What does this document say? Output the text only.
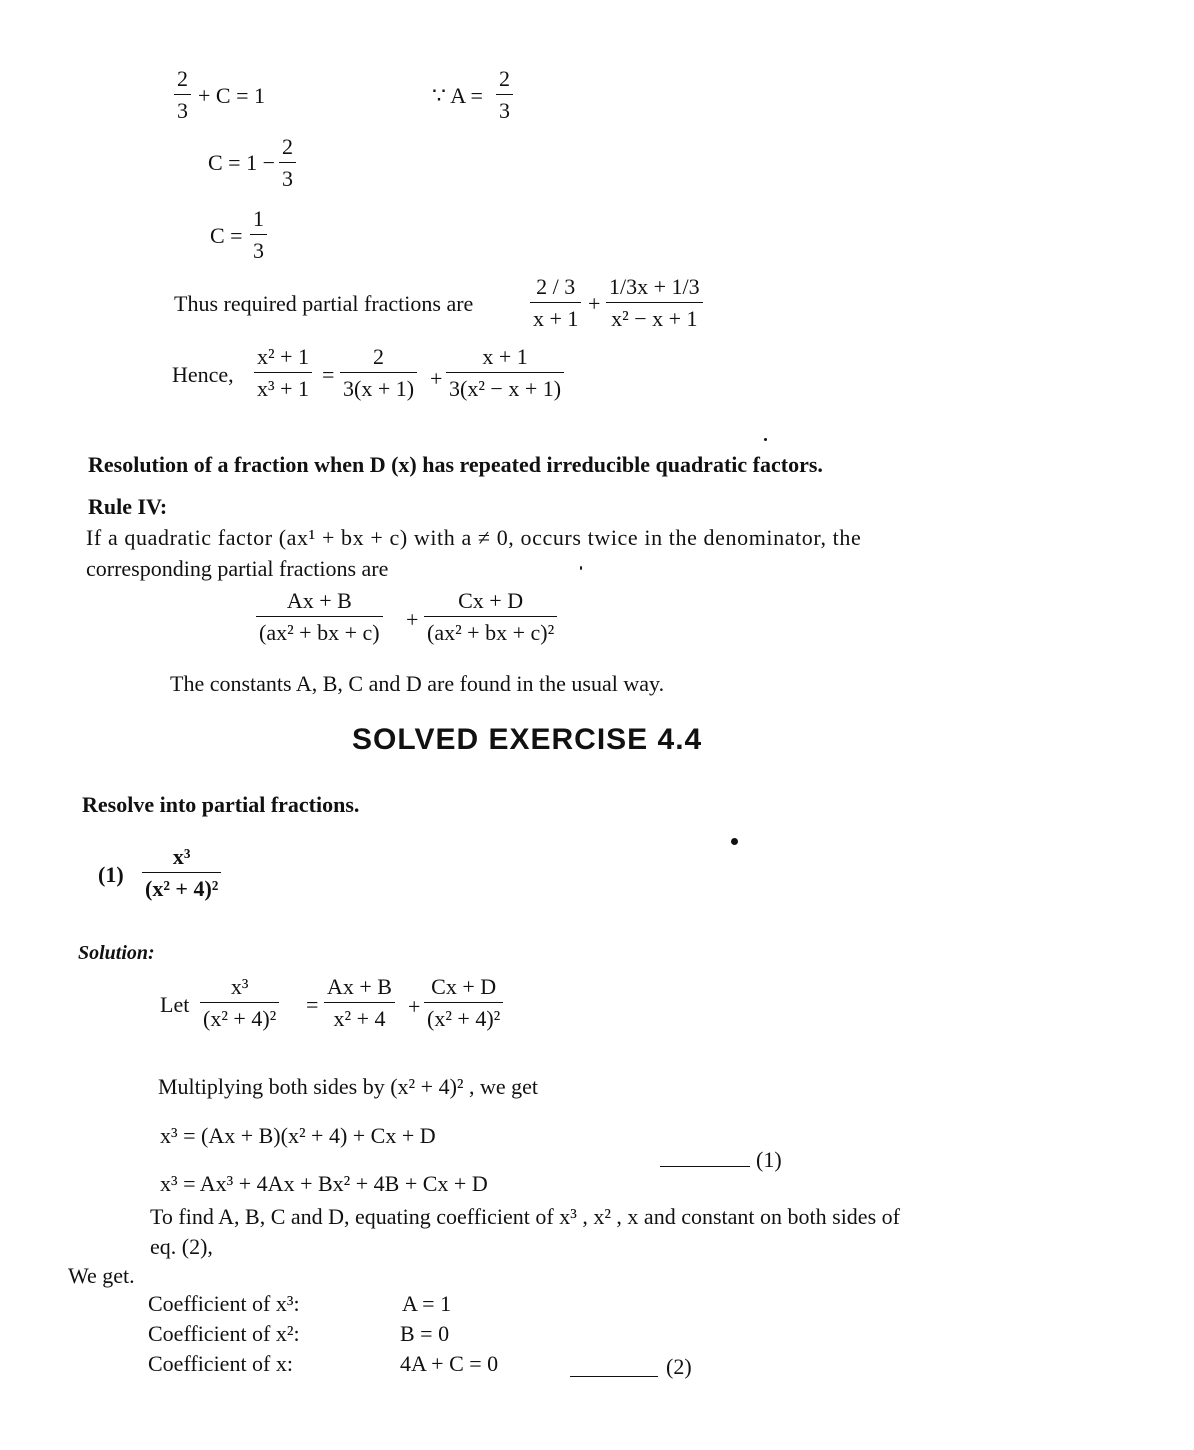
$\frac{2}{3} + C = 1$	∵ $A = \frac{2}{3}$
$C = 1 - \frac{2}{3}$
$C = \frac{1}{3}$
Thus required partial fractions are	$\frac{2 / 3}{x + 1} + \frac{1/3x + 1/3}{\text{x² − x + 1}}$
Hence, $\frac{\text{x² + 1}}{\text{x³ + 1}} = \frac{2}{3(x + 1)} + \frac{x + 1}{\text{3(x² − x + 1)}}$
Resolution of a fraction when D (x) has repeated irreducible quadratic factors.
Rule IV:
If a quadratic factor (ax¹ + bx + c) with a ≠ 0, occurs twice in the denominator, the
corresponding partial fractions are
$\frac{Ax + B}{\text{(ax² + bx + c)}} + \frac{Cx + D}{\text{(ax² + bx + c)²}}$
The constants A, B, C and D are found in the usual way.
SOLVED EXERCISE 4.4
Resolve into partial fractions.
$(1) \frac{\text{x³}}{\text{(x² + 4)²}}$
Solution:
Let $\frac{\text{x³}}{\text{(x² + 4)²}} = \frac{Ax + B}{\text{x² + 4}} + \frac{Cx + D}{\text{(x² + 4)²}}$
Multiplying both sides by (x² + 4)² , we get
x³ = (Ax + B)(x² + 4) + Cx + D
x³ = Ax³ + 4Ax + Bx² + 4B + Cx + D
(1)
To find A, B, C and D, equating coefficient of x³ , x² , x and constant on both sides of
eq. (2),
We get.
Coefficient of x³:	A = 1
Coefficient of x²:	B = 0
Coefficient of x:	4A + C = 0	(2)
